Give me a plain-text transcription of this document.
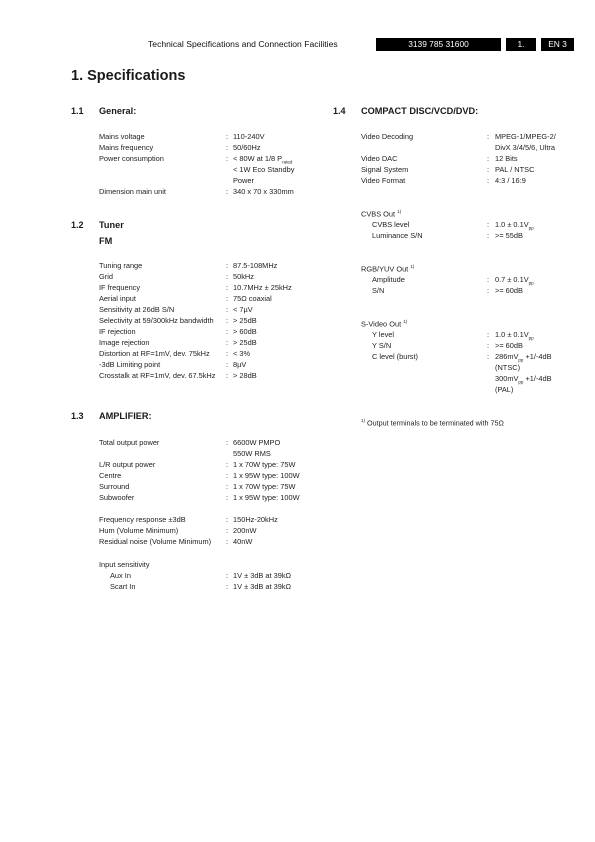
Technical Specifications and Connection Facilities	3139 785 31600	1.	EN 3
1. Specifications
1.1 General:
Mains voltage	: 110-240V
Mains frequency	: 50/60Hz
Power consumption	: < 80W at 1/8 $P_{rated}$
< 1W Eco Standby
Power
Dimension main unit	: 340 x 70 x 330mm
1.2 Tuner
FM
Tuning range	: 87.5-108MHz
Grid	: 50kHz
IF frequency	: 10.7MHz ± 25kHz
Aerial input	: 75Ω coaxial
Sensitivity at 26dB S/N	: < 7µV
Selectivity at 59/300kHz bandwidth : > 25dB
IF rejection	: > 60dB
Image rejection	: > 25dB
Distortion at RF=1mV, dev. 75kHz : < 3%
-3dB Limiting point	: 8µV
Crosstalk at RF=1mV, dev. 67.5kHz : > 28dB
1.3 AMPLIFIER:
Total output power	: 6600W PMPO
550W RMS
L/R output power	: 1 x 70W type: 75W
Centre	: 1 x 95W type: 100W
Surround	: 1 x 70W type: 75W
Subwoofer	: 1 x 95W type: 100W
Frequency response ±3dB	: 150Hz-20kHz
Hum (Volume Minimum)	: 200nW
Residual noise (Volume Minimum) : 40nW
Input sensitivity
Aux In	: 1V ± 3dB at 39kΩ
Scart In	: 1V ± 3dB at 39kΩ
1.4 COMPACT DISC/VCD/DVD:
Video Decoding	: MPEG-1/MPEG-2/
DivX 3/4/5/6, Ultra
Video DAC	: 12 Bits
Signal System	: PAL / NTSC
Video Format	: 4:3 / 16:9
CVBS Out $^{1)}$
CVBS level	: $1.0 \pm 0.1V_{pp}$
Luminance S/N	: >= 55dB
RGB/YUV Out $^{1)}$
Amplitude	: $0.7 \pm 0.1V_{pp}$
S/N	: >= 60dB
S-Video Out $^{1)}$
Y level	: $1.0 \pm 0.1V_{pp}$
Y S/N	: >= 60dB
C level (burst)	: $286mV_{pp} +1/-4dB$
(NTSC)
$300mV_{pp} +1/-4dB$
(PAL)
$^{1)}$ Output terminals to be terminated with 75Ω
